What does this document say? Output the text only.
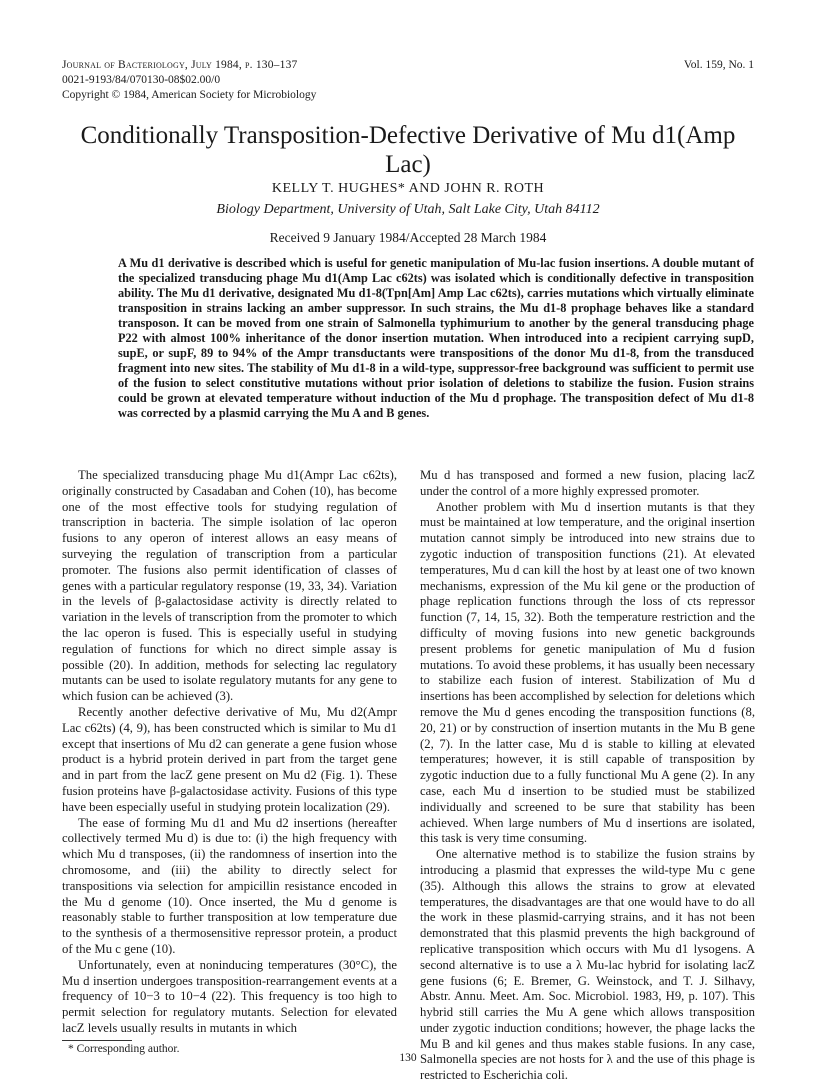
Journal of Bacteriology, July 1984, p. 130–137
0021-9193/84/070130-08$02.00/0
Copyright © 1984, American Society for Microbiology
Vol. 159, No. 1
Conditionally Transposition-Defective Derivative of Mu d1(Amp Lac)
KELLY T. HUGHES* AND JOHN R. ROTH
Biology Department, University of Utah, Salt Lake City, Utah 84112
Received 9 January 1984/Accepted 28 March 1984

A Mu d1 derivative is described which is useful for genetic manipulation of Mu-lac fusion insertions. A double mutant of the specialized transducing phage Mu d1(Amp Lac c62ts) was isolated which is conditionally defective in transposition ability. The Mu d1 derivative, designated Mu d1-8(Tpn[Am] Amp Lac c62ts), carries mutations which virtually eliminate transposition in strains lacking an amber suppressor. In such strains, the Mu d1-8 prophage behaves like a standard transposon. It can be moved from one strain of Salmonella typhimurium to another by the general transducing phage P22 with almost 100% inheritance of the donor insertion mutation. When introduced into a recipient carrying supD, supE, or supF, 89 to 94% of the Ampr transductants were transpositions of the donor Mu d1-8, from the transduced fragment into new sites. The stability of Mu d1-8 in a wild-type, suppressor-free background was sufficient to permit use of the fusion to select constitutive mutations without prior isolation of deletions to stabilize the fusion. Fusion strains could be grown at elevated temperature without induction of the Mu d prophage. The transposition defect of Mu d1-8 was corrected by a plasmid carrying the Mu A and B genes.

The specialized transducing phage Mu d1(Ampr Lac c62ts), originally constructed by Casadaban and Cohen (10), has become one of the most effective tools for studying regulation of transcription in bacteria. The simple isolation of lac operon fusions to any operon of interest allows an easy means of surveying the regulation of transcription from a particular promoter. The fusions also permit identification of classes of genes with a particular regulatory response (19, 33, 34). Variation in the levels of β-galactosidase activity is directly related to variation in the levels of transcription from the promoter to which the lac operon is fused. This is especially useful in studying regulation of functions for which no direct simple assay is possible (20). In addition, methods for selecting lac regulatory mutants can be used to isolate regulatory mutants for any gene to which fusion can be achieved (3).

Recently another defective derivative of Mu, Mu d2(Ampr Lac c62ts) (4, 9), has been constructed which is similar to Mu d1 except that insertions of Mu d2 can generate a gene fusion whose product is a hybrid protein derived in part from the target gene and in part from the lacZ gene present on Mu d2 (Fig. 1). These fusion proteins have β-galactosidase activity. Fusions of this type have been especially useful in studying protein localization (29).

The ease of forming Mu d1 and Mu d2 insertions (hereafter collectively termed Mu d) is due to: (i) the high frequency with which Mu d transposes, (ii) the randomness of insertion into the chromosome, and (iii) the ability to directly select for transpositions via selection for ampicillin resistance encoded in the Mu d genome (10). Once inserted, the Mu d genome is reasonably stable to further transposition at low temperature due to the synthesis of a thermosensitive repressor protein, a product of the Mu c gene (10).

Unfortunately, even at noninducing temperatures (30°C), the Mu d insertion undergoes transposition-rearrangement events at a frequency of 10−3 to 10−4 (22). This frequency is too high to permit selection for regulatory mutants. Selection for elevated lacZ levels usually results in mutants in which

Mu d has transposed and formed a new fusion, placing lacZ under the control of a more highly expressed promoter.

Another problem with Mu d insertion mutants is that they must be maintained at low temperature, and the original insertion mutation cannot simply be introduced into new strains due to zygotic induction of transposition functions (21). At elevated temperatures, Mu d can kill the host by at least one of two known mechanisms, expression of the Mu kil gene or the production of phage replication functions through the loss of cts repressor function (7, 14, 15, 32). Both the temperature restriction and the difficulty of moving fusions into new genetic backgrounds present problems for genetic manipulation of Mu d fusion mutations. To avoid these problems, it has usually been necessary to stabilize each fusion of interest. Stabilization of Mu d insertions has been accomplished by selection for deletions which remove the Mu d genes encoding the transposition functions (8, 20, 21) or by construction of insertion mutants in the Mu B gene (2, 7). In the latter case, Mu d is stable to killing at elevated temperatures; however, it is still capable of transposition by zygotic induction due to a fully functional Mu A gene (2). In any case, each Mu d insertion to be studied must be stabilized individually and screened to be sure that stability has been achieved. When large numbers of Mu d insertions are isolated, this task is very time consuming.

One alternative method is to stabilize the fusion strains by introducing a plasmid that expresses the wild-type Mu c gene (35). Although this allows the strains to grow at elevated temperatures, the disadvantages are that one would have to do all the work in these plasmid-carrying strains, and it has not been demonstrated that this plasmid prevents the high background of replicative transposition which occurs with Mu d1 lysogens. A second alternative is to use a λ Mu-lac hybrid for isolating lacZ gene fusions (6; E. Bremer, G. Weinstock, and T. J. Silhavy, Abstr. Annu. Meet. Am. Soc. Microbiol. 1983, H9, p. 107). This hybrid still carries the Mu A gene which allows transposition under zygotic induction conditions; however, the phage lacks the Mu B and kil genes and thus makes stable fusions. In any case, Salmonella species are not hosts for λ and the use of this phage is restricted to Escherichia coli.

* Corresponding author.
130
